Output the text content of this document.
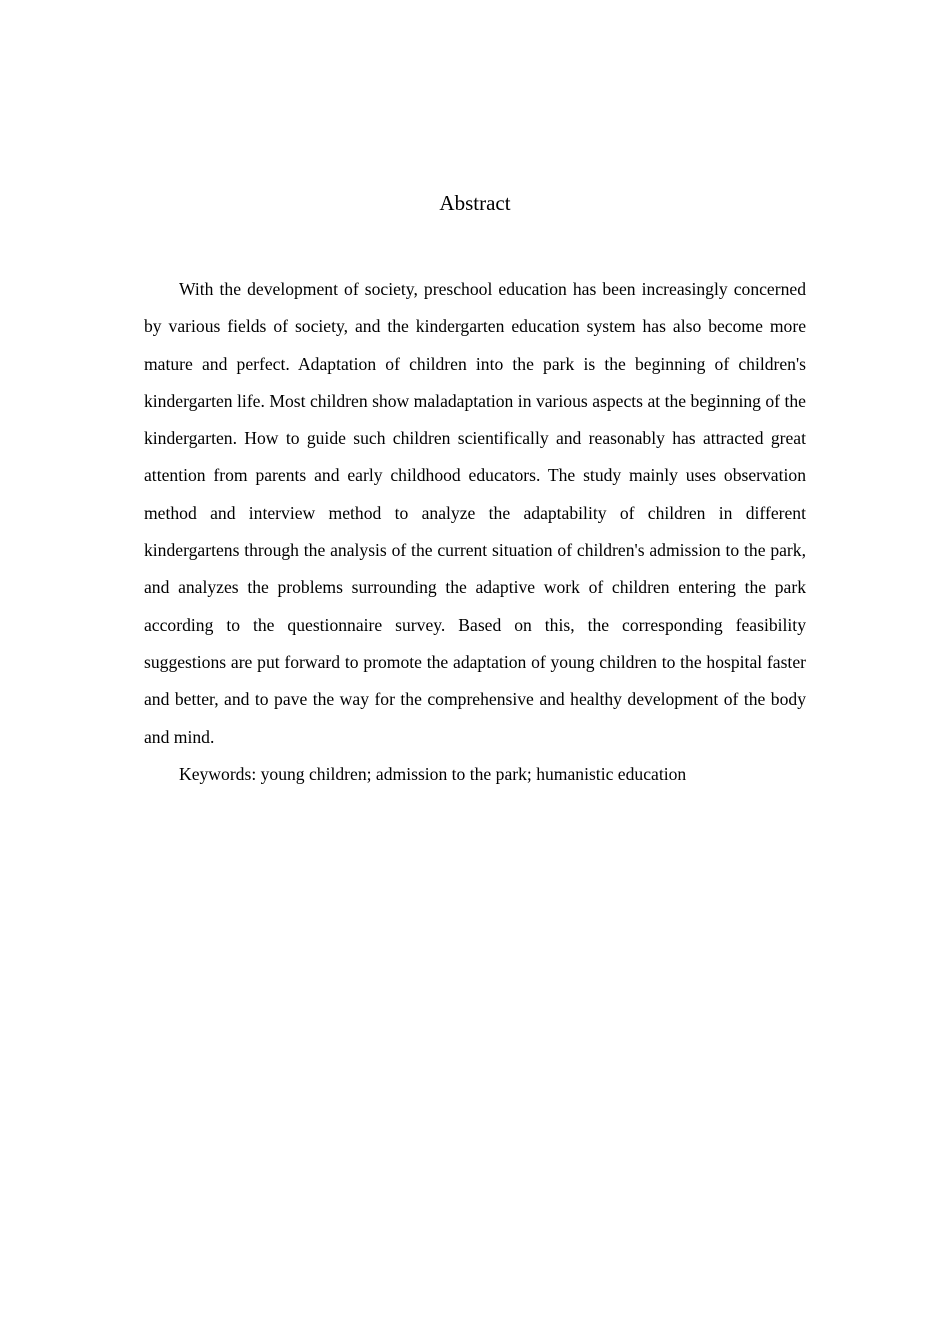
Abstract

With the development of society, preschool education has been increasingly concerned by various fields of society, and the kindergarten education system has also become more mature and perfect. Adaptation of children into the park is the beginning of children's kindergarten life. Most children show maladaptation in various aspects at the beginning of the kindergarten. How to guide such children scientifically and reasonably has attracted great attention from parents and early childhood educators. The study mainly uses observation method and interview method to analyze the adaptability of children in different kindergartens through the analysis of the current situation of children's admission to the park, and analyzes the problems surrounding the adaptive work of children entering the park according to the questionnaire survey. Based on this, the corresponding feasibility suggestions are put forward to promote the adaptation of young children to the hospital faster and better, and to pave the way for the comprehensive and healthy development of the body and mind.

Keywords: young children; admission to the park; humanistic education
